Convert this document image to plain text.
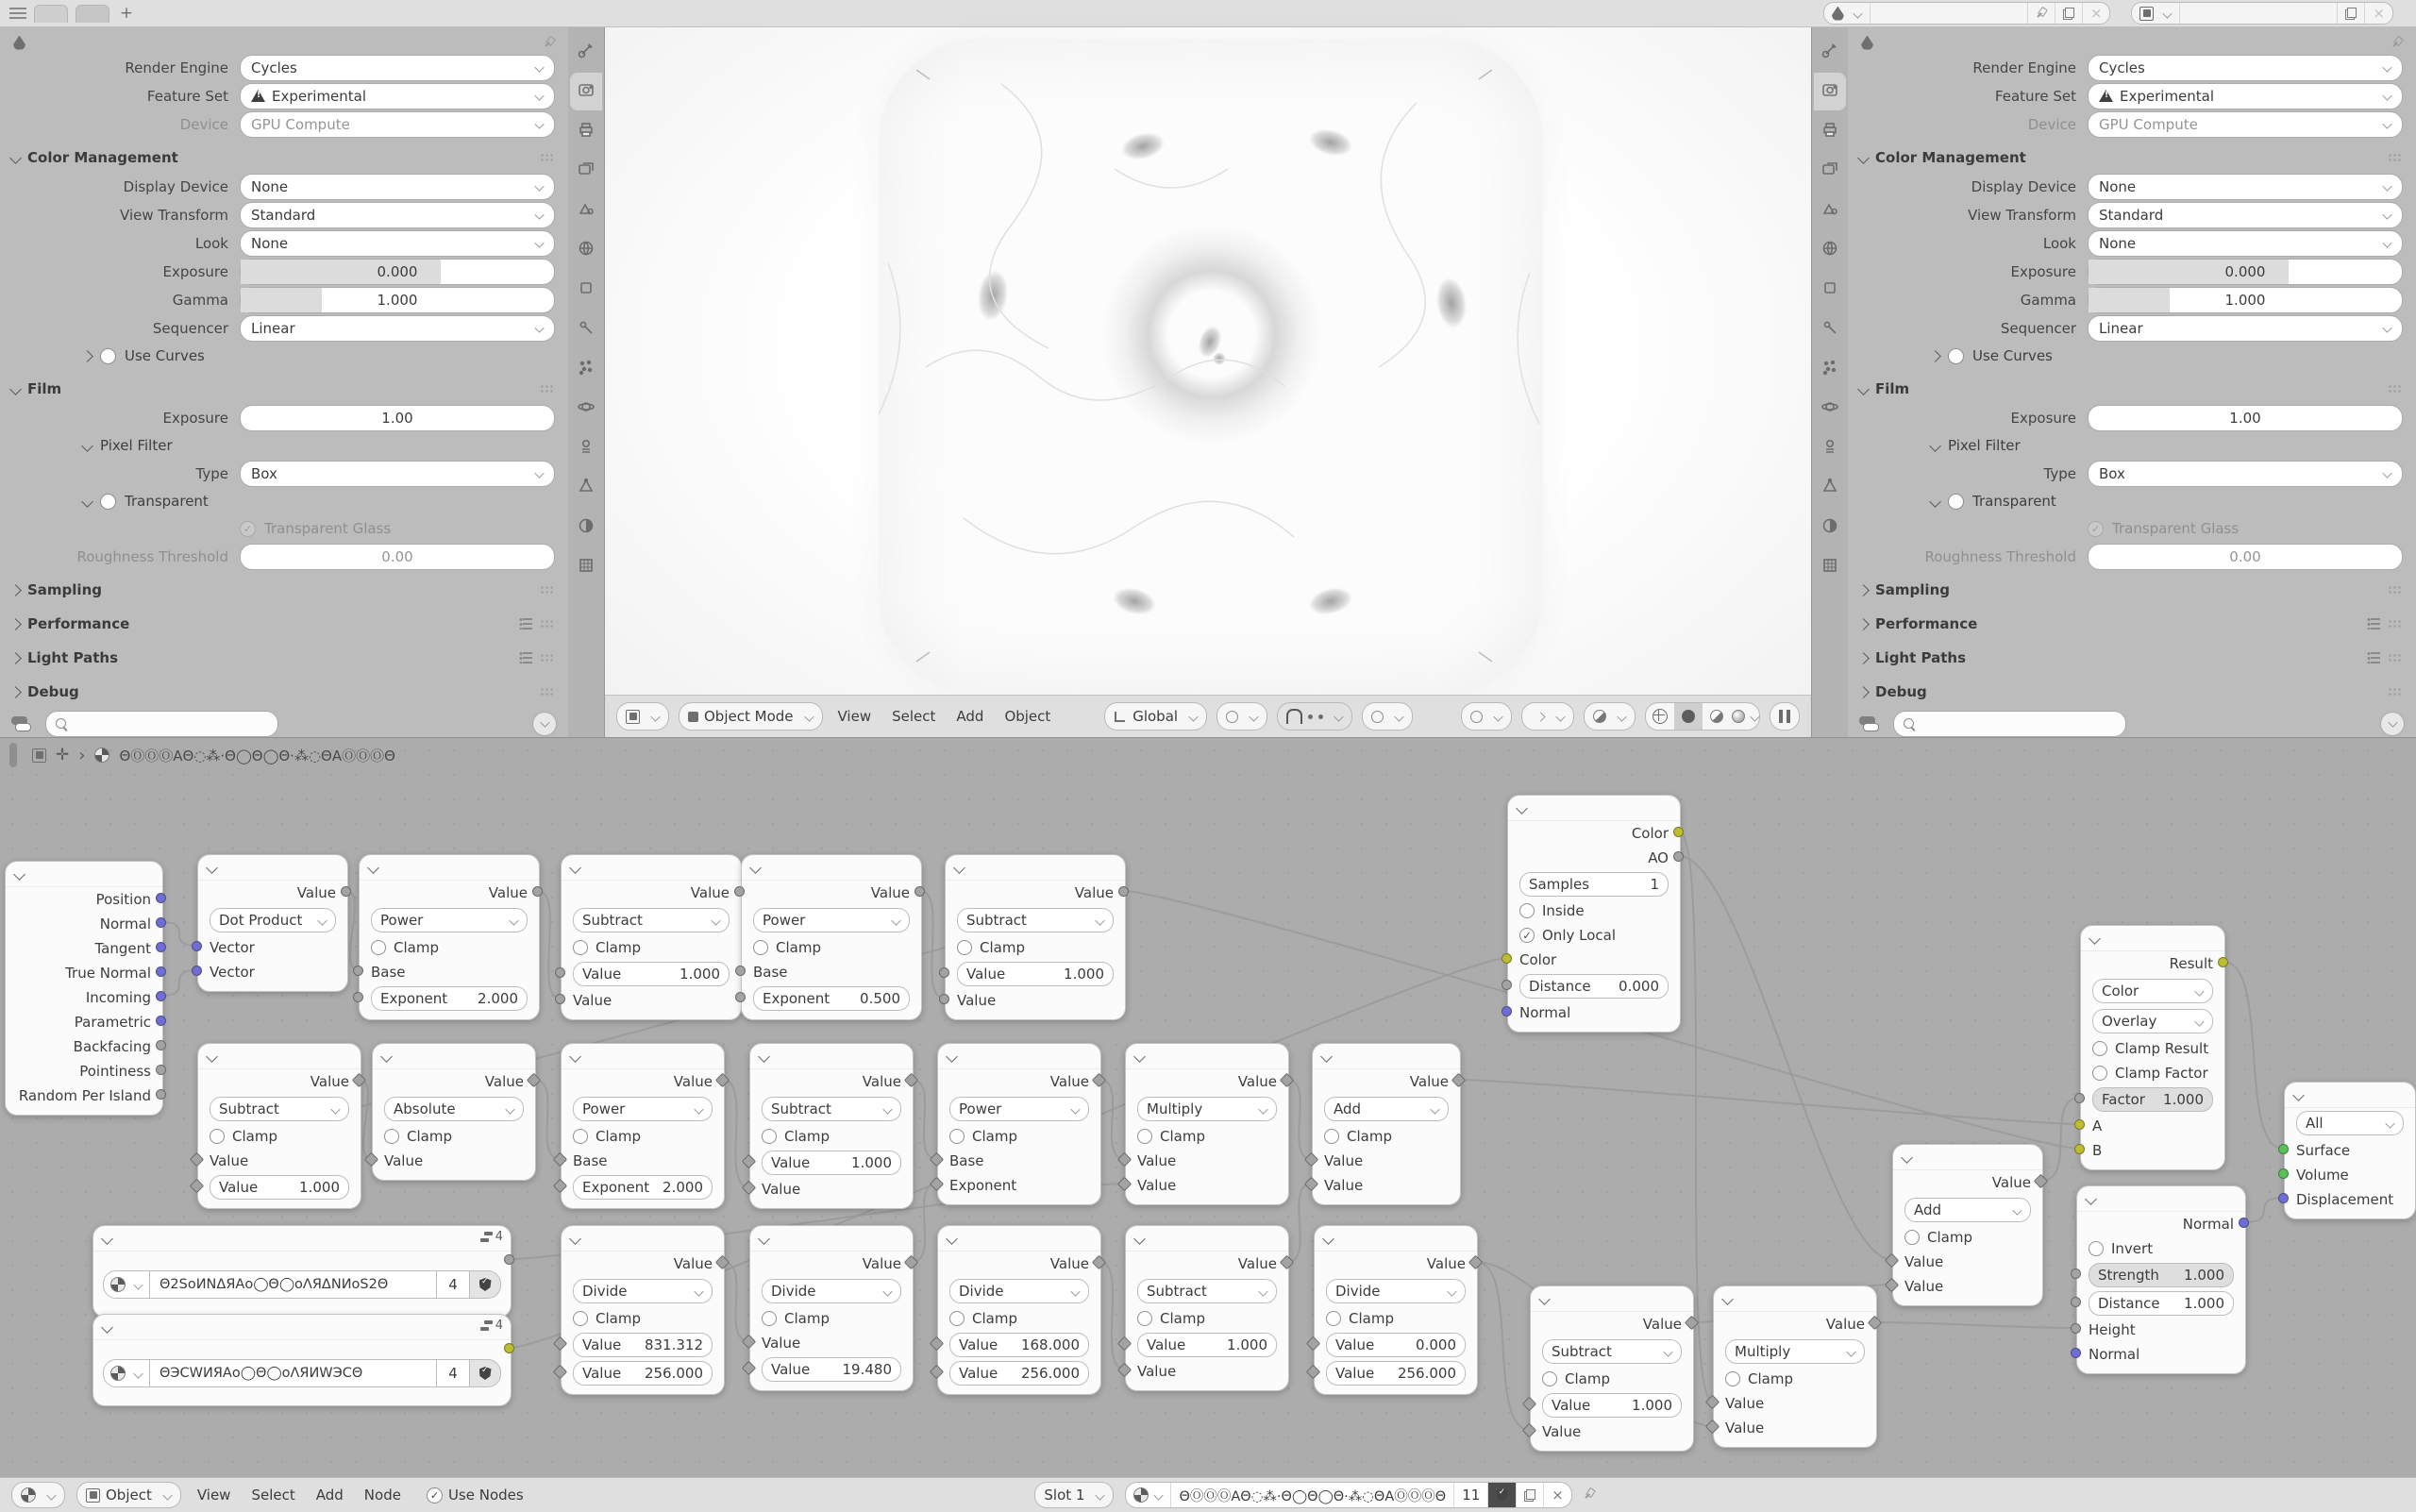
+	×	×
Render Engine	Cycles
Feature Set !	Experimental
Device	GPU Compute
Color Management
Display Device	None
View Transform	Standard
Look	None
Exposure	0.000
Gamma	1.000
Sequencer	Linear
Use Curves
Film
Exposure	1.00
Pixel Filter
Type	Box
Transparent
✓
Transparent Glass
Roughness Threshold	0.00
Sampling
Performance
Light Paths
Debug
Object Mode	View	Select	Add	Object	Global
Render Engine	Cycles
Feature Set !	Experimental
Device	GPU Compute
Color Management
Display Device	None
View Transform	Standard
Look	None
Exposure	0.000
Gamma	1.000
Sequencer	Linear
Use Curves
Film
Exposure	1.00
Pixel Filter
Type	Box
Transparent
✓
Transparent Glass
Roughness Threshold	0.00
Sampling
Performance
Light Paths
Debug
Position
Normal
Tangent
True Normal
Incoming
Parametric
Backfacing
Pointiness
Random Per Island
Value
Dot Product
Vector
Vector
Value
Power
Clamp
Base
Exponent	2.000
Value
Subtract
Clamp
Value	1.000
Value
Value
Power
Clamp
Base
Exponent	0.500
Value
Subtract
Clamp
Value	1.000
Value
Value
Subtract
Clamp
Value
Value	1.000
Value
Absolute
Clamp
Value
Value
Power
Clamp
Base
Exponent 2.000
Value
Subtract
Clamp
Value	1.000
Value
Value
Power
Clamp
Base
Exponent
Value
Multiply
Clamp
Value
Value
Value
Add
Clamp
Value
Value
Color
AO
Samples	1
Inside
✓
Only Local
Color
Distance	0.000
Normal
4
Θ2ЅᴏͶΝΔЯΑᴏ◯Θ◯ᴏΛЯΔΝͶᴏЅ2Θ	4
✓
4
ΘЭCWͶЯΑᴏ◯Θ◯ᴏΛЯͶWЭCΘ	4
✓
Value
Divide
Clamp
Value	831.312
Value	256.000
Value
Divide
Clamp
Value
Value	19.480
Value
Divide
Clamp
Value	168.000
Value	256.000
Value
Subtract
Clamp
Value	1.000
Value
Value
Divide
Clamp
Value	0.000
Value	256.000
Value
Subtract
Clamp
Value	1.000
Value
Value
Multiply
Clamp
Value
Value
Value
Add
Clamp
Value
Value
Result
Color
Overlay
Clamp Result
Clamp Factor
Factor	1.000
A
B
Normal
Invert
Strength	1.000
Distance	1.000
Height
Normal
All
Surface
Volume
Displacement
✛ › ΘⓄⓄⓄΑΘ◌⁂·Θ◯Θ◯Θ·⁂◌ΘΑⓄⓄⓄΘ
Object	View	Select	Add	Node ✓	Use Nodes	Slot 1	ΘⓄⓄⓄΑΘ◌⁂·Θ◯Θ◯Θ·⁂◌ΘΑⓄⓄⓄΘ	11 ✓	×
